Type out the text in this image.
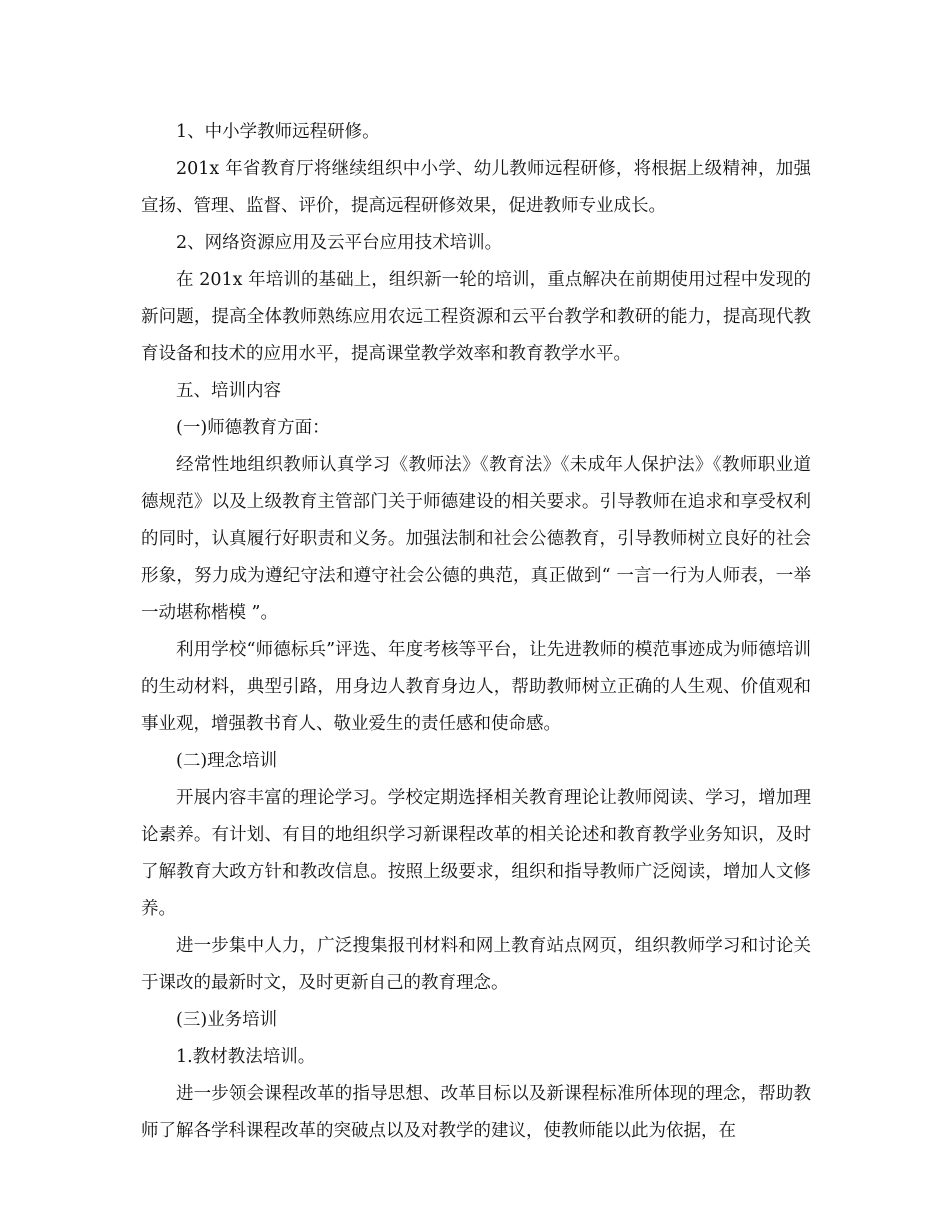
1、中小学教师远程研修。

201x 年省教育厅将继续组织中小学、幼儿教师远程研修，将根据上级精神，加强宣扬、管理、监督、评价，提高远程研修效果，促进教师专业成长。

2、网络资源应用及云平台应用技术培训。

在 201x 年培训的基础上，组织新一轮的培训，重点解决在前期使用过程中发现的新问题，提高全体教师熟练应用农远工程资源和云平台教学和教研的能力，提高现代教育设备和技术的应用水平，提高课堂教学效率和教育教学水平。

五、培训内容

(一)师德教育方面：

经常性地组织教师认真学习《教师法》《教育法》《未成年人保护法》《教师职业道德规范》以及上级教育主管部门关于师德建设的相关要求。引导教师在追求和享受权利的同时，认真履行好职责和义务。加强法制和社会公德教育，引导教师树立良好的社会形象，努力成为遵纪守法和遵守社会公德的典范，真正做到“ 一言一行为人师表，一举一动堪称楷模 ”。

利用学校“师德标兵”评选、年度考核等平台，让先进教师的模范事迹成为师德培训的生动材料，典型引路，用身边人教育身边人，帮助教师树立正确的人生观、价值观和事业观，增强教书育人、敬业爱生的责任感和使命感。

(二)理念培训

开展内容丰富的理论学习。学校定期选择相关教育理论让教师阅读、学习，增加理论素养。有计划、有目的地组织学习新课程改革的相关论述和教育教学业务知识，及时了解教育大政方针和教改信息。按照上级要求，组织和指导教师广泛阅读，增加人文修养。

进一步集中人力，广泛搜集报刊材料和网上教育站点网页，组织教师学习和讨论关于课改的最新时文，及时更新自己的教育理念。

(三)业务培训

1.教材教法培训。

进一步领会课程改革的指导思想、改革目标以及新课程标准所体现的理念，帮助教师了解各学科课程改革的突破点以及对教学的建议，使教师能以此为依据，在
